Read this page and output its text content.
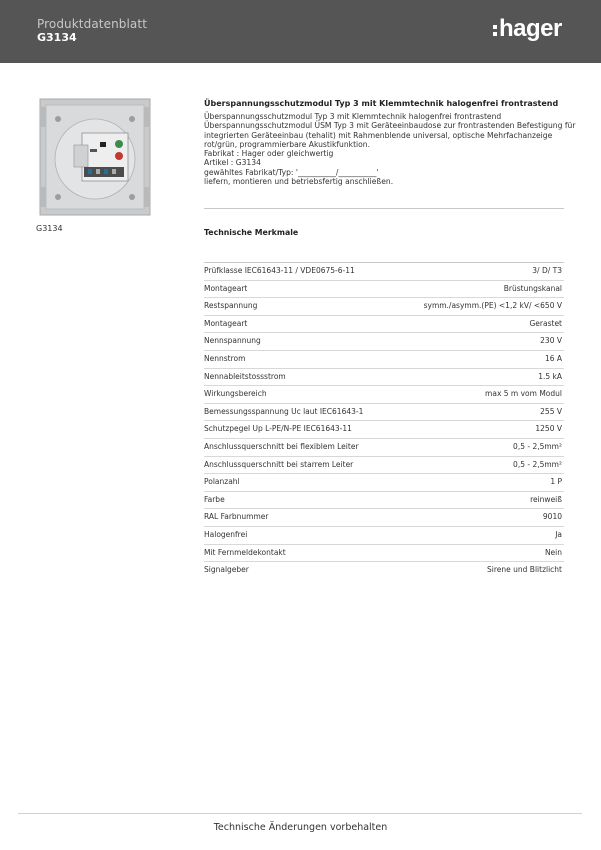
Produktdatenblatt
G3134	hager
G3134
Überspannungsschutzmodul Typ 3 mit Klemmtechnik halogenfrei frontrastend
Überspannungsschutzmodul Typ 3 mit Klemmtechnik halogenfrei frontrastend
Überspannungsschutzmodul ÜSM Typ 3 mit Geräteeinbaudose zur frontrastenden Befestigung für
integrierten Geräteeinbau (tehalit) mit Rahmenblende universal, optische Mehrfachanzeige
rot/grün, programmierbare Akustikfunktion.
Fabrikat : Hager oder gleichwertig
Artikel : G3134
gewähltes Fabrikat/Typ: '__________/__________'
liefern, montieren und betriebsfertig anschließen.
Technische Merkmale
Prüfklasse IEC61643-11 / VDE0675-6-11	3/ D/ T3
Montageart	Brüstungskanal
Restspannung	symm./asymm.(PE) <1,2 kV/ <650 V
Montageart	Gerastet
Nennspannung	230 V
Nennstrom	16 A
Nennableitstossstrom	1.5 kA
Wirkungsbereich	max 5 m vom Modul
Bemessungsspannung Uc laut IEC61643-1	255 V
Schutzpegel Up L-PE/N-PE IEC61643-11	1250 V
Anschlussquerschnitt bei flexiblem Leiter	0,5 - 2,5mm²
Anschlussquerschnitt bei starrem Leiter	0,5 - 2,5mm²
Polanzahl	1 P
Farbe	reinweiß
RAL Farbnummer	9010
Halogenfrei	Ja
Mit Fernmeldekontakt	Nein
Signalgeber	Sirene und Blitzlicht
Technische Änderungen vorbehalten
